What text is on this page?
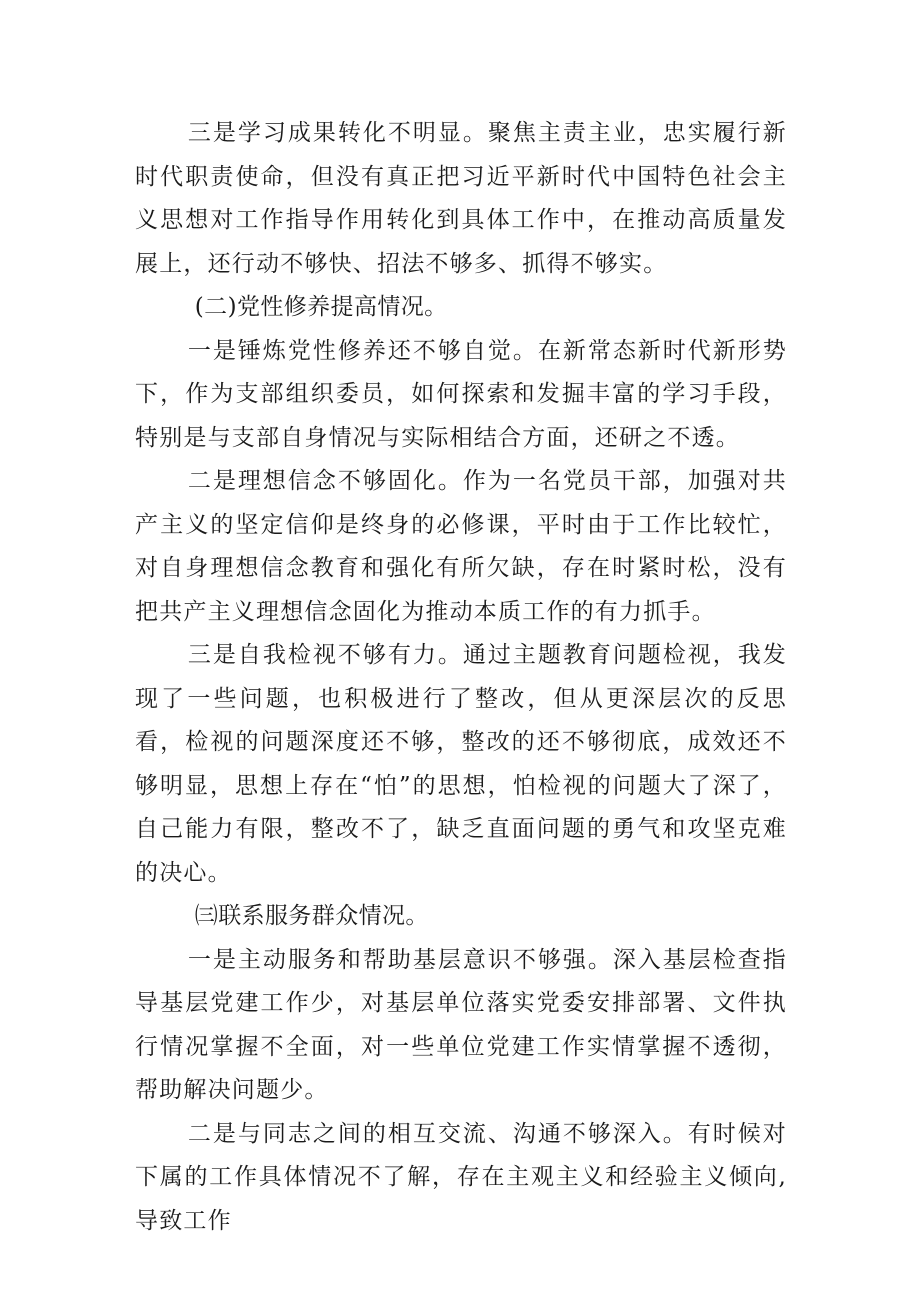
三是学习成果转化不明显。聚焦主责主业，忠实履行新时代职责使命，但没有真正把习近平新时代中国特色社会主义思想对工作指导作用转化到具体工作中，在推动高质量发展上，还行动不够快、招法不够多、抓得不够实。

(二)党性修养提高情况。

一是锤炼党性修养还不够自觉。在新常态新时代新形势下，作为支部组织委员，如何探索和发掘丰富的学习手段，特别是与支部自身情况与实际相结合方面，还研之不透。

二是理想信念不够固化。作为一名党员干部，加强对共产主义的坚定信仰是终身的必修课，平时由于工作比较忙，对自身理想信念教育和强化有所欠缺，存在时紧时松，没有把共产主义理想信念固化为推动本质工作的有力抓手。

三是自我检视不够有力。通过主题教育问题检视，我发现了一些问题，也积极进行了整改，但从更深层次的反思看，检视的问题深度还不够，整改的还不够彻底，成效还不够明显，思想上存在“怕”的思想，怕检视的问题大了深了，自己能力有限，整改不了，缺乏直面问题的勇气和攻坚克难的决心。

㈢联系服务群众情况。

一是主动服务和帮助基层意识不够强。深入基层检查指导基层党建工作少，对基层单位落实党委安排部署、文件执行情况掌握不全面，对一些单位党建工作实情掌握不透彻，帮助解决问题少。

二是与同志之间的相互交流、沟通不够深入。有时候对下属的工作具体情况不了解，存在主观主义和经验主义倾向,导致工作
